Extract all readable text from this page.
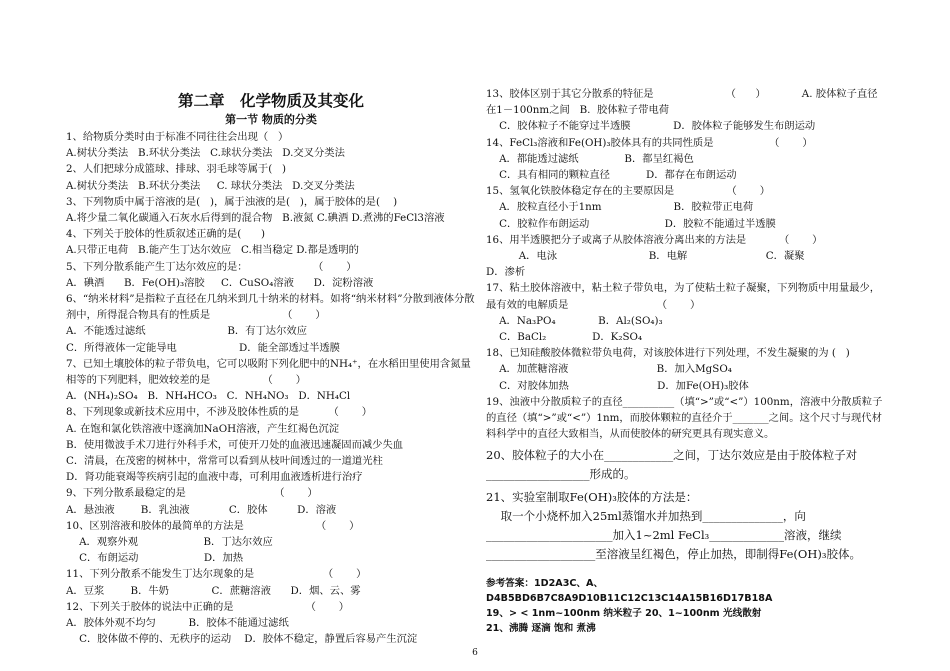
第二章　化学物质及其变化
第一节 物质的分类
1、给物质分类时由于标准不同往往会出现（   ）
A.树状分类法   B.环状分类法   C.球状分类法   D.交叉分类法
2、人们把球分成篮球、排球、羽毛球等属于(   )
A.树状分类法   B.环状分类法     C. 球状分类法   D.交叉分类法
3、下列物质中属于溶液的是(   )，属于浊液的是(   )，属于胶体的是(    )
A.将少量二氧化碳通入石灰水后得到的混合物   B.液氮 C.碘酒 D.煮沸的FeCl3溶液
4、下列关于胶体的性质叙述正确的是(      )
A.只带正电荷   B.能产生丁达尔效应   C.相当稳定 D.都是透明的
5、下列分散系能产生丁达尔效应的是：                    （       ）
A．碘酒      B．Fe(OH)₃溶胶     C．CuSO₄溶液      D．淀粉溶液
6、“纳米材料”是指粒子直径在几纳米到几十纳米的材料。如将“纳米材料”分散到液体分散剂中，所得混合物具有的性质是                      （       ）
A．不能透过滤纸                         B．有丁达尔效应
C．所得液体一定能导电                   D．能全部透过半透膜
7、已知土壤胶体的粒子带负电，它可以吸附下列化肥中的NH₄⁺，在水稻田里使用含氮量相等的下列肥料，肥效较差的是                （       ）
A．(NH₄)₂SO₄   B．NH₄HCO₃   C．NH₄NO₃   D．NH₄Cl
8、下列现象或新技术应用中，不涉及胶体性质的是         （       ）
A. 在饱和氯化铁溶液中逐滴加NaOH溶液，产生红褐色沉淀
B．使用微波手术刀进行外科手术，可使开刀处的血液迅速凝固而减少失血
C．清晨，在茂密的树林中，常常可以看到从枝叶间透过的一道道光柱
D．肾功能衰竭等疾病引起的血液中毒，可利用血液透析进行治疗
9、下列分散系最稳定的是                           （       ）
A．悬浊液        B．乳浊液            C．胶体         D．溶液
10、区别溶液和胶体的最简单的方法是                      （       ）
A．观察外观                    B．丁达尔效应
C．布朗运动                    D．加热
11、下列分散系不能发生丁达尔现象的是                     （       ）
A．豆浆        B．牛奶             C．蔗糖溶液      D．烟、云、雾
12、下列关于胶体的说法中正确的是                      （       ）
A．胶体外观不均匀          B．胶体不能通过滤纸
C．胶体做不停的、无秩序的运动    D．胶体不稳定，静置后容易产生沉淀
13、胶体区别于其它分散系的特征是                      （      ）           A. 胶体粒子直径在1－100nm之间   B.  胶体粒子带电荷
C．胶体粒子不能穿过半透膜             D．胶体粒子能够发生布朗运动
14、FeCl₃溶液和Fe(OH)₃胶体具有的共同性质是                 （       ）
A．都能透过滤纸              B．都呈红褐色
C．具有相同的颗粒直径           D．都存在布朗运动
15、氢氧化铁胶体稳定存在的主要原因是                （       ）
A．胶粒直径小于1nm                      B．胶粒带正电荷
C．胶粒作布朗运动                       D．胶粒不能通过半透膜
16、用半透膜把分子或离子从胶体溶液分离出来的方法是          （       ）
A．电泳                            B．电解                        C．凝聚                                       D．渗析
17、粘土胶体溶液中，粘土粒子带负电，为了使粘土粒子凝聚，下列物质中用量最少，最有效的电解质是                           （       ）
A．Na₃PO₄             B．Al₂(SO₄)₃
C．BaCl₂              D．K₂SO₄
18、已知硅酸胶体微粒带负电荷，对该胶体进行下列处理，不发生凝聚的为 (   )
A．加蔗糖溶液                           B．加入MgSO₄
C．对胶体加热                           D．加Fe(OH)₃胶体
19、浊液中分散质粒子的直径__________（填“>”或“<”）100nm，溶液中分散质粒子的直径（填“>”或“<”）1nm，而胶体颗粒的直径介于_______之间。这个尺寸与现代材料科学中的直径大致相当，从而使胶体的研究更具有现实意义。
20、胶体粒子的大小在____________之间，丁达尔效应是由于胶体粒子对__________________形成的。
21、实验室制取Fe(OH)₃胶体的方法是：
取一个小烧杯加入25ml蒸馏水并加热到______________，向______________________加入1~2ml FeCl₃_____________溶液，继续___________________至溶液呈红褐色，停止加热，即制得Fe(OH)₃胶体。
参考答案：1D2A3C、A、D4B5BD6B7C8A9D10B11C12C13C14A15B16D17B18A
19、> < 1nm~100nm 纳米粒子 20、1~100nm 光线散射
21、沸腾 逐滴 饱和 煮沸
6
